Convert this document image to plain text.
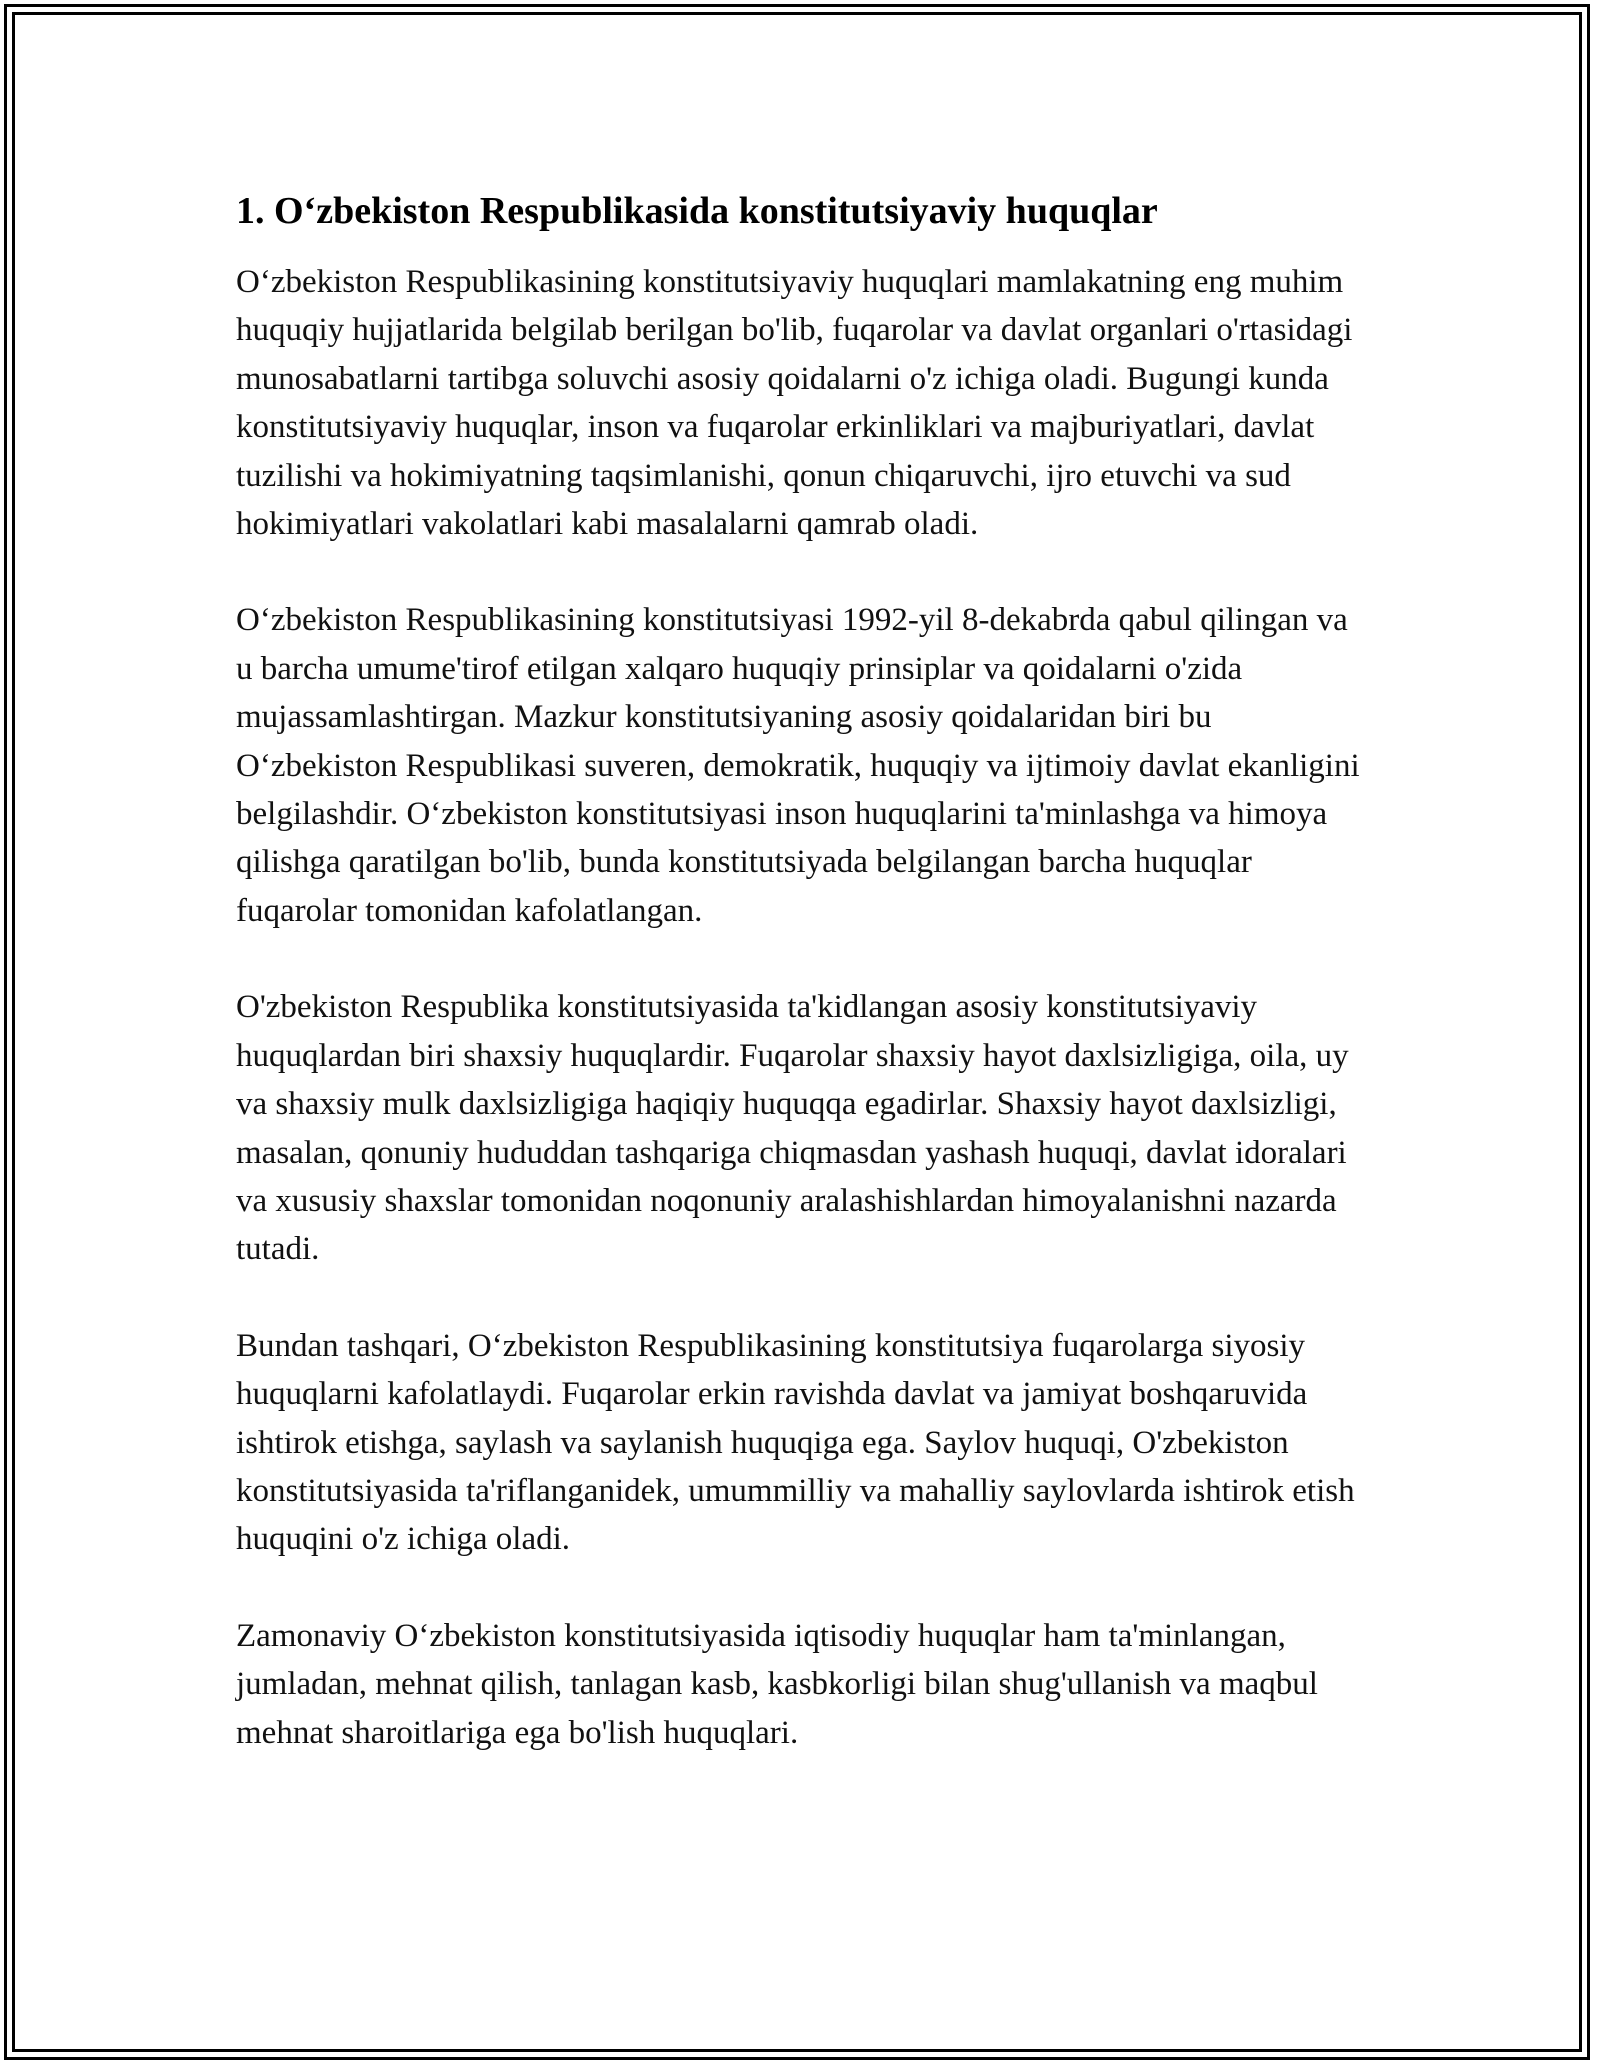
1. O‘zbekiston Respublikasida konstitutsiyaviy huquqlar

O‘zbekiston Respublikasining konstitutsiyaviy huquqlari mamlakatning eng muhim huquqiy hujjatlarida belgilab berilgan bo'lib, fuqarolar va davlat organlari o'rtasidagi munosabatlarni tartibga soluvchi asosiy qoidalarni o'z ichiga oladi. Bugungi kunda konstitutsiyaviy huquqlar, inson va fuqarolar erkinliklari va majburiyatlari, davlat tuzilishi va hokimiyatning taqsimlanishi, qonun chiqaruvchi, ijro etuvchi va sud hokimiyatlari vakolatlari kabi masalalarni qamrab oladi.

O‘zbekiston Respublikasining konstitutsiyasi 1992-yil 8-dekabrda qabul qilingan va u barcha umume'tirof etilgan xalqaro huquqiy prinsiplar va qoidalarni o'zida mujassamlashtirgan. Mazkur konstitutsiyaning asosiy qoidalaridan biri bu O‘zbekiston Respublikasi suveren, demokratik, huquqiy va ijtimoiy davlat ekanligini belgilashdir. O‘zbekiston konstitutsiyasi inson huquqlarini ta'minlashga va himoya qilishga qaratilgan bo'lib, bunda konstitutsiyada belgilangan barcha huquqlar fuqarolar tomonidan kafolatlangan.

O'zbekiston Respublika konstitutsiyasida ta'kidlangan asosiy konstitutsiyaviy huquqlardan biri shaxsiy huquqlardir. Fuqarolar shaxsiy hayot daxlsizligiga, oila, uy va shaxsiy mulk daxlsizligiga haqiqiy huquqqa egadirlar. Shaxsiy hayot daxlsizligi, masalan, qonuniy hududdan tashqariga chiqmasdan yashash huquqi, davlat idoralari va xususiy shaxslar tomonidan noqonuniy aralashishlardan himoyalanishni nazarda tutadi.

Bundan tashqari, O‘zbekiston Respublikasining konstitutsiya fuqarolarga siyosiy huquqlarni kafolatlaydi. Fuqarolar erkin ravishda davlat va jamiyat boshqaruvida ishtirok etishga, saylash va saylanish huquqiga ega. Saylov huquqi, O'zbekiston konstitutsiyasida ta'riflanganidek, umummilliy va mahalliy saylovlarda ishtirok etish huquqini o'z ichiga oladi.

Zamonaviy O‘zbekiston konstitutsiyasida iqtisodiy huquqlar ham ta'minlangan, jumladan, mehnat qilish, tanlagan kasb, kasbkorligi bilan shug'ullanish va maqbul mehnat sharoitlariga ega bo'lish huquqlari.
